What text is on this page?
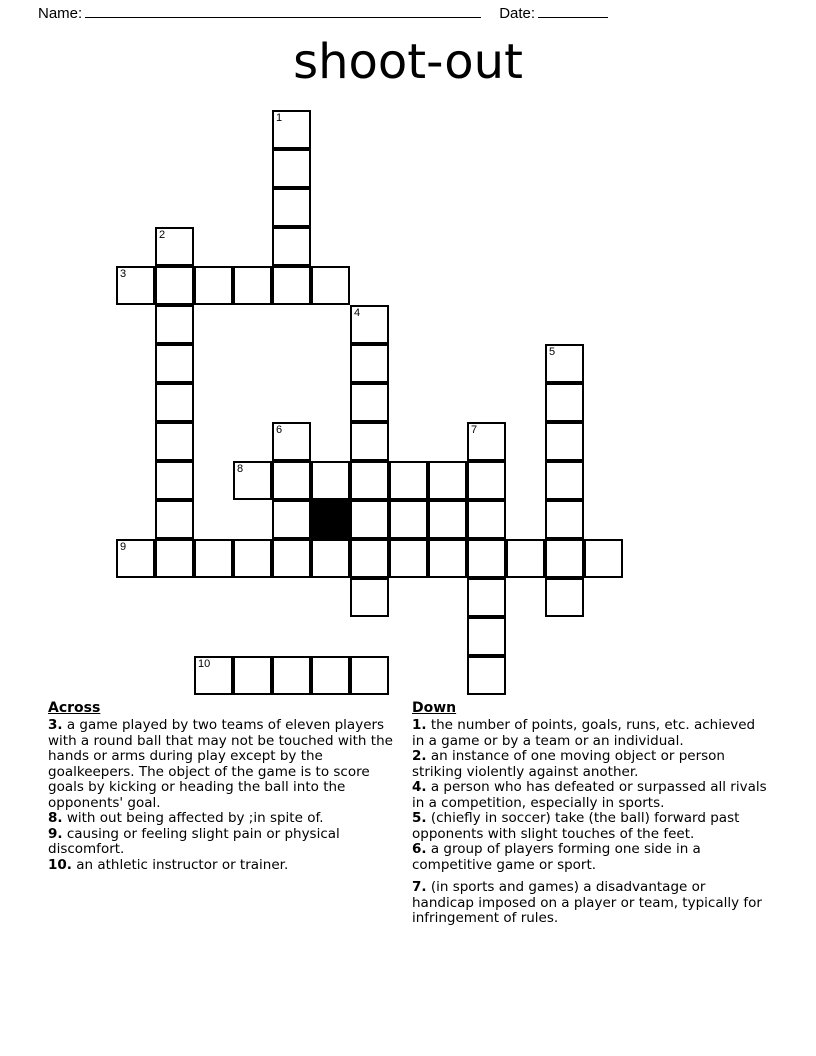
Name:	Date:
shoot-out
1
2
3
4
5
6	7
8
9
10
Across
3. a game played by two teams of eleven players with a round ball that may not be touched with the hands or arms during play except by the goalkeepers. The object of the game is to score goals by kicking or heading the ball into the opponents' goal.
8. with out being affected by ;in spite of.
9. causing or feeling slight pain or physical discomfort.
10. an athletic instructor or trainer.
Down
1. the number of points, goals, runs, etc. achieved in a game or by a team or an individual.
2. an instance of one moving object or person striking violently against another.
4. a person who has defeated or surpassed all rivals in a competition, especially in sports.
5. (chiefly in soccer) take (the ball) forward past opponents with slight touches of the feet.
6. a group of players forming one side in a competitive game or sport.
7. (in sports and games) a disadvantage or handicap imposed on a player or team, typically for infringement of rules.
